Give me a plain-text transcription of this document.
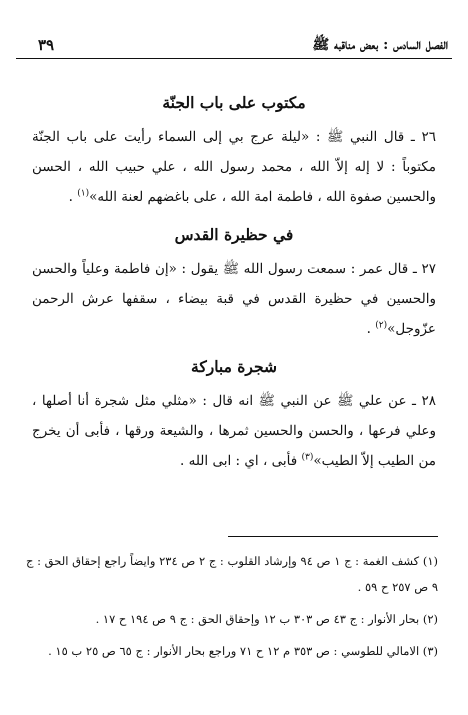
الفصل السادس : بعض مناقبه ﷺ
٣٩
مكتوب على باب الجنّة

٢٦ ـ قال النبي ﷺ : «ليلة عرج بي إلى السماء رأيت على باب الجنّة مكتوباً : لا إله إلاّ الله ، محمد رسول الله ، علي حبيب الله ، الحسن والحسين صفوة الله ، فاطمة امة الله ، على باغضهم لعنة الله»$^{(١)}$ .

في حظيرة القدس

٢٧ ـ قال عمر : سمعت رسول الله ﷺ يقول : «إن فاطمة وعلياً والحسن والحسين في حظيرة القدس في قبة بيضاء ، سقفها عرش الرحمن عزّوجل»$^{(٢)}$ .

شجرة مباركة

٢٨ ـ عن علي ﷺ عن النبي ﷺ انه قال : «مثلي مثل شجرة أنا أصلها ، وعلي فرعها ، والحسن والحسين ثمرها ، والشيعة ورقها ، فأبى أن يخرج من الطيب إلاّ الطيب»$^{(٣)}$ فأبى ، اي : ابى الله .

(١) كشف الغمة : ج ١ ص ٩٤ وإرشاد القلوب : ج ٢ ص ٢٣٤ وايضاً راجع إحقاق الحق : ج ٩ ص ٢٥٧ ح ٥٩ .

(٢) بحار الأنوار : ج ٤٣ ص ٣٠٣ ب ١٢ وإحقاق الحق : ج ٩ ص ١٩٤ ح ١٧ .

(٣) الامالي للطوسي : ص ٣٥٣ م ١٢ ح ٧١ وراجع بحار الأنوار : ج ٦٥ ص ٢٥ ب ١٥ .
